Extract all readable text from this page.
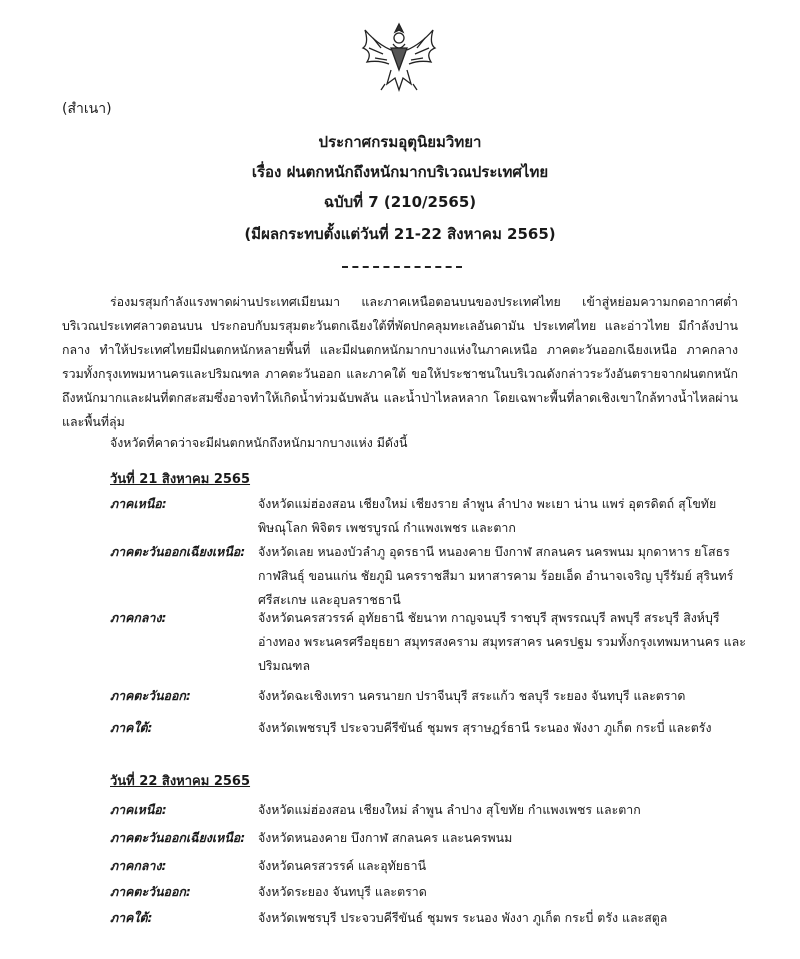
(สำเนา)
ประกาศกรมอุตุนิยมวิทยา
เรื่อง ฝนตกหนักถึงหนักมากบริเวณประเทศไทย
ฉบับที่ 7 (210/2565)
(มีผลกระทบตั้งแต่วันที่ 21-22 สิงหาคม 2565)

ร่องมรสุมกำลังแรงพาดผ่านประเทศเมียนมา และภาคเหนือตอนบนของประเทศไทย เข้าสู่หย่อมความกดอากาศต่ำบริเวณประเทศลาวตอนบน ประกอบกับมรสุมตะวันตกเฉียงใต้ที่พัดปกคลุมทะเลอันดามัน ประเทศไทย และอ่าวไทย มีกำลังปานกลาง ทำให้ประเทศไทยมีฝนตกหนักหลายพื้นที่ และมีฝนตกหนักมากบางแห่งในภาคเหนือ ภาคตะวันออกเฉียงเหนือ ภาคกลาง รวมทั้งกรุงเทพมหานครและปริมณฑล ภาคตะวันออก และภาคใต้ ขอให้ประชาชนในบริเวณดังกล่าวระวังอันตรายจากฝนตกหนักถึงหนักมากและฝนที่ตกสะสมซึ่งอาจทำให้เกิดน้ำท่วมฉับพลัน และน้ำป่าไหลหลาก โดยเฉพาะพื้นที่ลาดเชิงเขาใกล้ทางน้ำไหลผ่านและพื้นที่ลุ่ม

จังหวัดที่คาดว่าจะมีฝนตกหนักถึงหนักมากบางแห่ง มีดังนี้
วันที่ 21 สิงหาคม 2565
ภาคเหนือ:	จังหวัดแม่ฮ่องสอน เชียงใหม่ เชียงราย ลำพูน ลำปาง พะเยา น่าน แพร่ อุตรดิตถ์ สุโขทัย พิษณุโลก พิจิตร เพชรบูรณ์ กำแพงเพชร และตาก
ภาคตะวันออกเฉียงเหนือ: จังหวัดเลย หนองบัวลำภู อุดรธานี หนองคาย บึงกาฬ สกลนคร นครพนม มุกดาหาร ยโสธร กาฬสินธุ์ ขอนแก่น ชัยภูมิ นครราชสีมา มหาสารคาม ร้อยเอ็ด อำนาจเจริญ บุรีรัมย์ สุรินทร์ ศรีสะเกษ และอุบลราชธานี
ภาคกลาง:	จังหวัดนครสวรรค์ อุทัยธานี ชัยนาท กาญจนบุรี ราชบุรี สุพรรณบุรี ลพบุรี สระบุรี สิงห์บุรี อ่างทอง พระนครศรีอยุธยา สมุทรสงคราม สมุทรสาคร นครปฐม รวมทั้งกรุงเทพมหานคร และปริมณฑล
ภาคตะวันออก:	จังหวัดฉะเชิงเทรา นครนายก ปราจีนบุรี สระแก้ว ชลบุรี ระยอง จันทบุรี และตราด
ภาคใต้:	จังหวัดเพชรบุรี ประจวบคีรีขันธ์ ชุมพร สุราษฎร์ธานี ระนอง พังงา ภูเก็ต กระบี่ และตรัง
วันที่ 22 สิงหาคม 2565
ภาคเหนือ:	จังหวัดแม่ฮ่องสอน เชียงใหม่ ลำพูน ลำปาง สุโขทัย กำแพงเพชร และตาก
ภาคตะวันออกเฉียงเหนือ: จังหวัดหนองคาย บึงกาฬ สกลนคร และนครพนม
ภาคกลาง:	จังหวัดนครสวรรค์ และอุทัยธานี
ภาคตะวันออก:	จังหวัดระยอง จันทบุรี และตราด
ภาคใต้:	จังหวัดเพชรบุรี ประจวบคีรีขันธ์ ชุมพร ระนอง พังงา ภูเก็ต กระบี่ ตรัง และสตูล
